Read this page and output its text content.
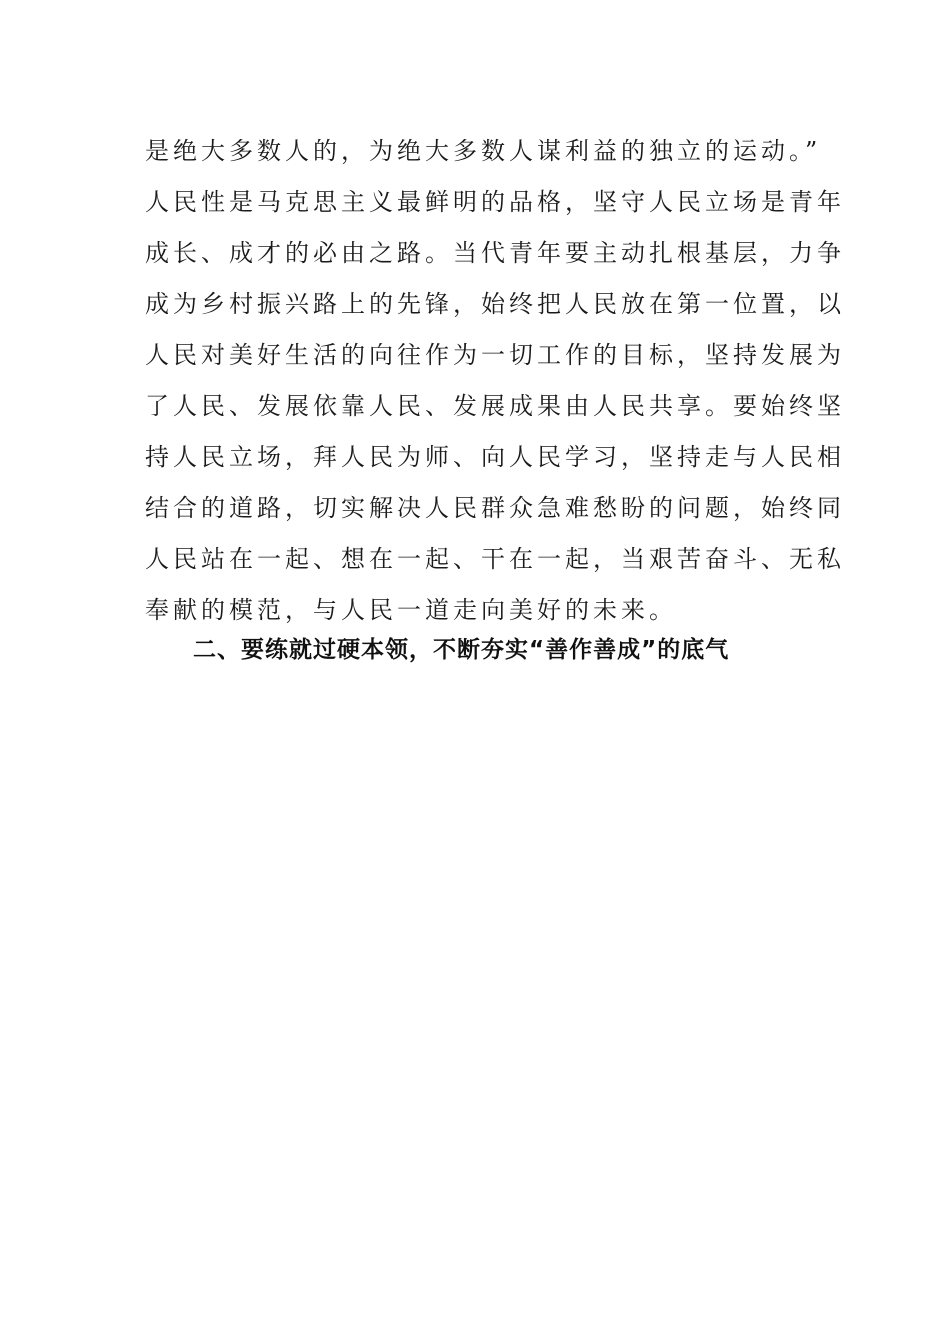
是绝大多数人的，为绝大多数人谋利益的独立的运动。”
人民性是马克思主义最鲜明的品格，坚守人民立场是青年
成长、成才的必由之路。当代青年要主动扎根基层，力争
成为乡村振兴路上的先锋，始终把人民放在第一位置，以
人民对美好生活的向往作为一切工作的目标，坚持发展为
了人民、发展依靠人民、发展成果由人民共享。要始终坚
持人民立场，拜人民为师、向人民学习，坚持走与人民相
结合的道路，切实解决人民群众急难愁盼的问题，始终同
人民站在一起、想在一起、干在一起，当艰苦奋斗、无私
奉献的模范，与人民一道走向美好的未来。
二、要练就过硬本领，不断夯实“善作善成”的底气
